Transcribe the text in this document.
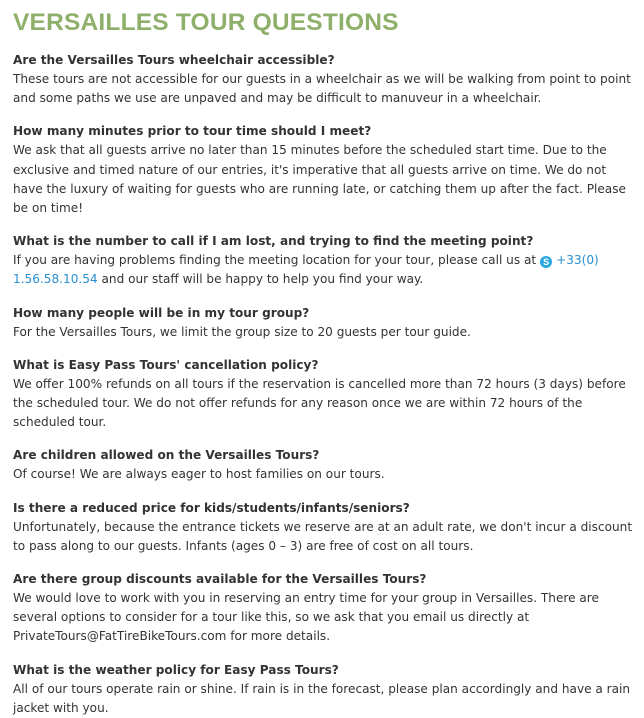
VERSAILLES TOUR QUESTIONS

Are the Versailles Tours wheelchair accessible?

These tours are not accessible for our guests in a wheelchair as we will be walking from point to point and some paths we use are unpaved and may be difficult to manuveur in a wheelchair.

How many minutes prior to tour time should I meet?

We ask that all guests arrive no later than 15 minutes before the scheduled start time. Due to the exclusive and timed nature of our entries, it's imperative that all guests arrive on time. We do not have the luxury of waiting for guests who are running late, or catching them up after the fact. Please be on time!

What is the number to call if I am lost, and trying to find the meeting point?

If you are having problems finding the meeting location for your tour, please call us at S +33(0) 1.56.58.10.54 and our staff will be happy to help you find your way.

How many people will be in my tour group?

For the Versailles Tours, we limit the group size to 20 guests per tour guide.

What is Easy Pass Tours' cancellation policy?

We offer 100% refunds on all tours if the reservation is cancelled more than 72 hours (3 days) before the scheduled tour. We do not offer refunds for any reason once we are within 72 hours of the scheduled tour.

Are children allowed on the Versailles Tours?

Of course! We are always eager to host families on our tours.

Is there a reduced price for kids/students/infants/seniors?

Unfortunately, because the entrance tickets we reserve are at an adult rate, we don't incur a discount to pass along to our guests. Infants (ages 0 – 3) are free of cost on all tours.

Are there group discounts available for the Versailles Tours?

We would love to work with you in reserving an entry time for your group in Versailles. There are several options to consider for a tour like this, so we ask that you email us directly at PrivateTours@FatTireBikeTours.com for more details.

What is the weather policy for Easy Pass Tours?

All of our tours operate rain or shine. If rain is in the forecast, please plan accordingly and have a rain jacket with you.
